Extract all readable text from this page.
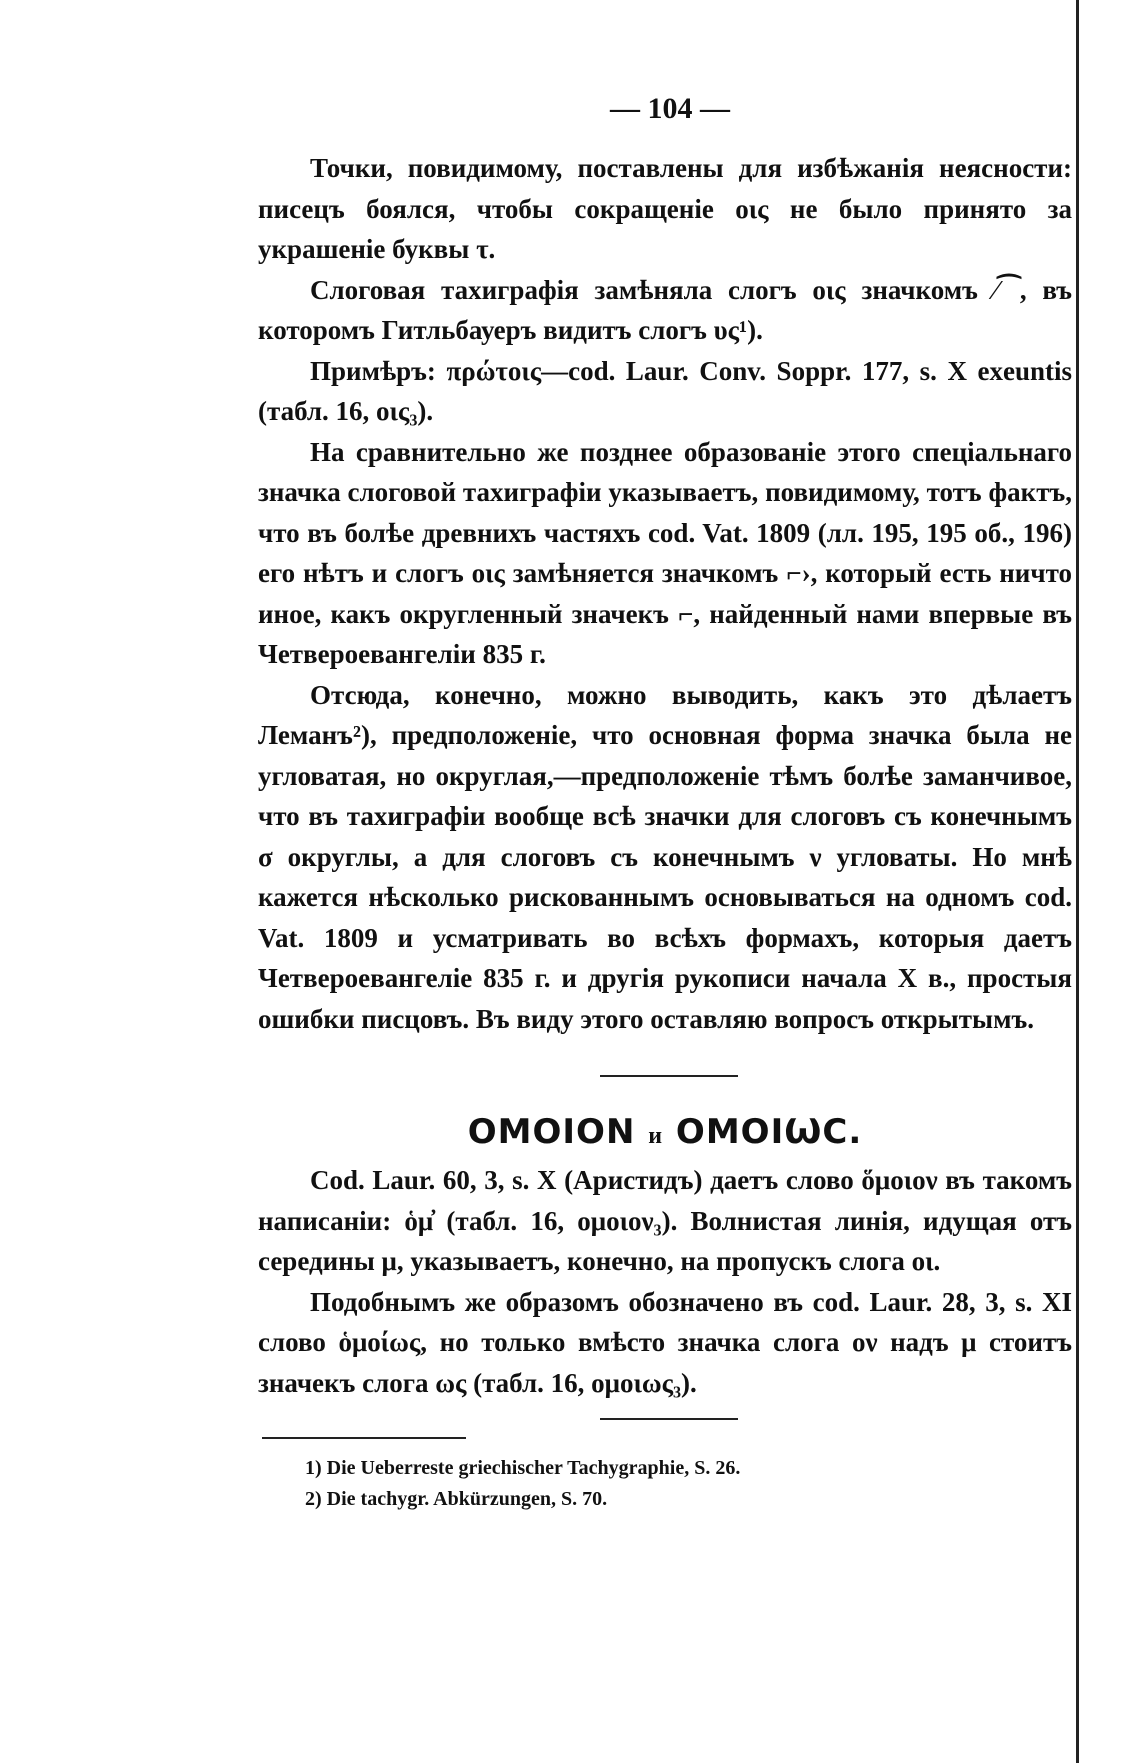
— 104 —

Точки, повидимому, поставлены для избѣжанія неясности: писецъ боялся, чтобы сокращеніе οις не было принято за украшеніе буквы τ.

Слоговая тахиграфія замѣняла слогъ οις значкомъ ⁄⁀, въ которомъ Гитльбауеръ видитъ слогъ υς¹).

Примѣръ: πρώτοις—cod. Laur. Conv. Soppr. 177, s. X exeuntis (табл. 16, οις₃).

На сравнительно же позднее образованіе этого спеціальнаго значка слоговой тахиграфіи указываетъ, повидимому, тотъ фактъ, что въ болѣе древнихъ частяхъ cod. Vat. 1809 (лл. 195, 195 об., 196) его нѣтъ и слогъ οις замѣняется значкомъ ⌐›, который есть ничто иное, какъ округленный значекъ ⌐, найденный нами впервые въ Четвероевангеліи 835 г.

Отсюда, конечно, можно выводить, какъ это дѣлаетъ Леманъ²), предположеніе, что основная форма значка была не угловатая, но округлая,—предположеніе тѣмъ болѣе заманчивое, что въ тахиграфіи вообще всѣ значки для слоговъ съ конечнымъ σ округлы, а для слоговъ съ конечнымъ ν угловаты. Но мнѣ кажется нѣсколько рискованнымъ основываться на одномъ cod. Vat. 1809 и усматривать во всѣхъ формахъ, которыя даетъ Четвероевангеліе 835 г. и другія рукописи начала X в., простыя ошибки писцовъ. Въ виду этого оставляю вопросъ открытымъ.

OMOION и OMOIѠC.

Cod. Laur. 60, 3, s. X (Аристидъ) даетъ слово ὅμοιον въ такомъ написаніи: ὁμ̓ (табл. 16, ομοιον₃). Волнистая линія, идущая отъ середины μ, указываетъ, конечно, на пропускъ слога οι.

Подобнымъ же образомъ обозначено въ cod. Laur. 28, 3, s. XI слово ὁμοίως, но только вмѣсто значка слога ον надъ μ стоитъ значекъ слога ως (табл. 16, ομοιως₃).

1) Die Ueberreste griechischer Tachygraphie, S. 26.
2) Die tachygr. Abkürzungen, S. 70.
